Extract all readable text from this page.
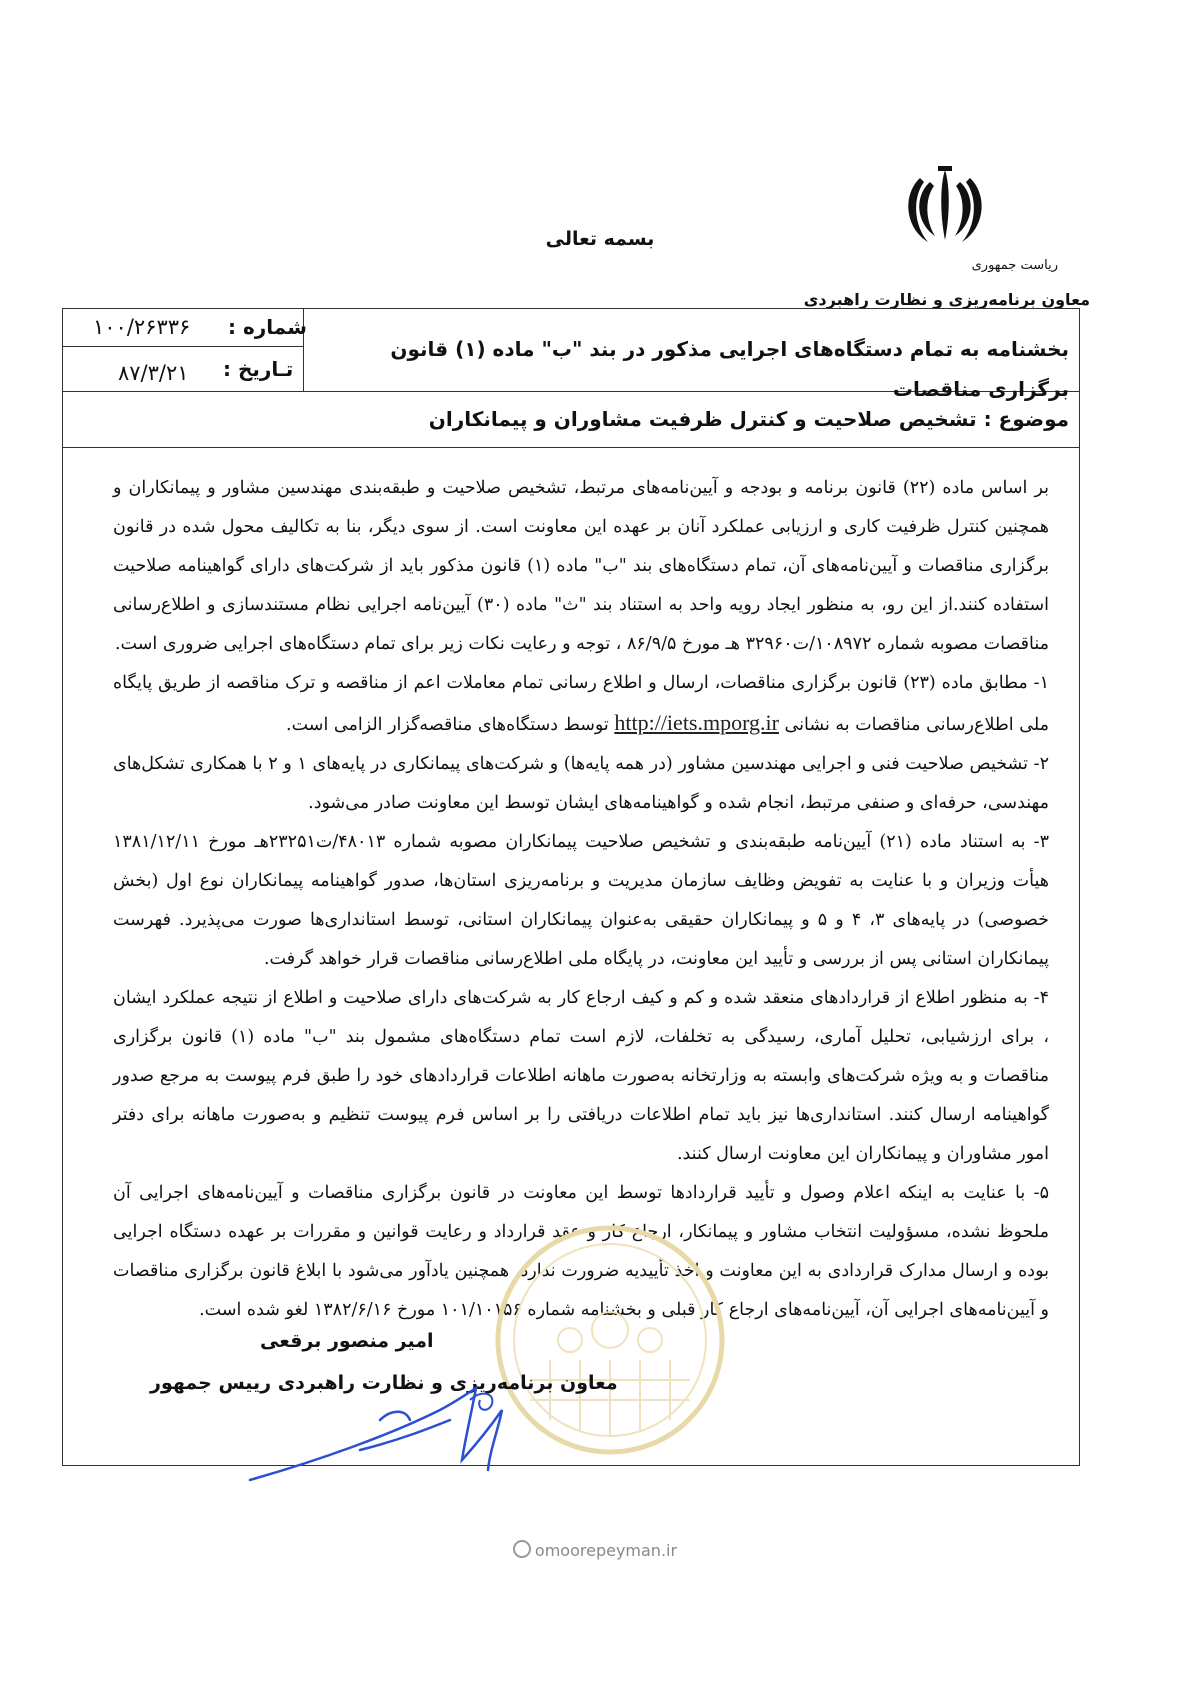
بسمه تعالی
ریاست جمهوری
معاون برنامه‌ریزی و نظارت راهبردی
شماره :
۱۰۰/۲۶۳۳۶
تـاریخ :
۸۷/۳/۲۱
بخشنامه به تمام دستگاه‌های اجرایی مذکور در بند "ب" ماده (۱) قانون برگزاری مناقصات
موضوع : تشخیص صلاحیت و کنترل ظرفیت مشاوران و پیمانکاران

بر اساس ماده (۲۲) قانون برنامه و بودجه و آیین‌نامه‌های مرتبط، تشخیص صلاحیت و طبقه‌بندی مهندسین مشاور و پیمانکاران و همچنین کنترل ظرفیت کاری و ارزیابی عملکرد آنان بر عهده این معاونت است. از سوی دیگر، بنا به تکالیف محول شده در قانون برگزاری مناقصات و آیین‌نامه‌های آن، تمام دستگاه‌های بند "ب" ماده (۱) قانون مذکور باید از شرکت‌های دارای گواهینامه صلاحیت استفاده کنند.از این رو، به منظور ایجاد رویه واحد به استناد بند "ث" ماده (۳۰) آیین‌نامه اجرایی نظام مستندسازی و اطلاع‌رسانی مناقصات مصوبه شماره ۱۰۸۹۷۲/ت۳۲۹۶۰ هـ مورخ ۸۶/۹/۵ ، توجه و رعایت نکات زیر برای تمام دستگاه‌های اجرایی ضروری است.

۱- مطابق ماده (۲۳) قانون برگزاری مناقصات، ارسال و اطلاع رسانی تمام معاملات اعم از مناقصه و ترک مناقصه از طریق پایگاه ملی اطلاع‌رسانی مناقصات به نشانی http://iets.mporg.ir توسط دستگاه‌های مناقصه‌گزار الزامی است.

۲- تشخیص صلاحیت فنی و اجرایی مهندسین مشاور (در همه پایه‌ها) و شرکت‌های پیمانکاری در پایه‌های ۱ و ۲ با همکاری تشکل‌های مهندسی، حرفه‌ای و صنفی مرتبط، انجام شده و گواهینامه‌های ایشان توسط این معاونت صادر می‌شود.

۳- به استناد ماده (۲۱) آیین‌نامه طبقه‌بندی و تشخیص صلاحیت پیمانکاران مصوبه شماره ۴۸۰۱۳/ت۲۳۲۵۱هـ مورخ ۱۳۸۱/۱۲/۱۱ هیأت وزیران و با عنایت به تفویض وظایف سازمان مدیریت و برنامه‌ریزی استان‌ها، صدور گواهینامه پیمانکاران نوع اول (بخش خصوصی) در پایه‌های ۳، ۴ و ۵ و پیمانکاران حقیقی به‌عنوان پیمانکاران استانی، توسط استانداری‌ها صورت می‌پذیرد. فهرست پیمانکاران استانی پس از بررسی و تأیید این معاونت، در پایگاه ملی اطلاع‌رسانی مناقصات قرار خواهد گرفت.

۴- به منظور اطلاع از قراردادهای منعقد شده و کم و کیف ارجاع کار به شرکت‌های دارای صلاحیت و اطلاع از نتیجه عملکرد ایشان ، برای ارزشیابی، تحلیل آماری، رسیدگی به تخلفات، لازم است تمام دستگاه‌های مشمول بند "ب" ماده (۱) قانون برگزاری مناقصات و به ویژه شرکت‌های وابسته به وزارتخانه به‌صورت ماهانه اطلاعات قراردادهای خود را طبق فرم پیوست به مرجع صدور گواهینامه ارسال کنند. استانداری‌ها نیز باید تمام اطلاعات دریافتی را بر اساس فرم پیوست تنظیم و به‌صورت ماهانه برای دفتر امور مشاوران و پیمانکاران این معاونت ارسال کنند.

۵- با عنایت به اینکه اعلام وصول و تأیید قراردادها توسط این معاونت در قانون برگزاری مناقصات و آیین‌نامه‌های اجرایی آن ملحوظ نشده، مسؤولیت انتخاب مشاور و پیمانکار، ارجاع کار و عقد قرارداد و رعایت قوانین و مقررات بر عهده دستگاه اجرایی بوده و ارسال مدارک قراردادی به این معاونت و اخذ تأییدیه ضرورت ندارد. همچنین یادآور می‌شود با ابلاغ قانون برگزاری مناقصات و آیین‌نامه‌های اجرایی آن، آیین‌نامه‌های ارجاع کار قبلی و بخشنامه شماره ۱۰۱/۱۰۱۵۶ مورخ ۱۳۸۲/۶/۱۶ لغو شده است.

امیر منصور برقعی
معاون برنامه‌ریزی و نظارت راهبردی رییس جمهور
omoorepeyman.ir
